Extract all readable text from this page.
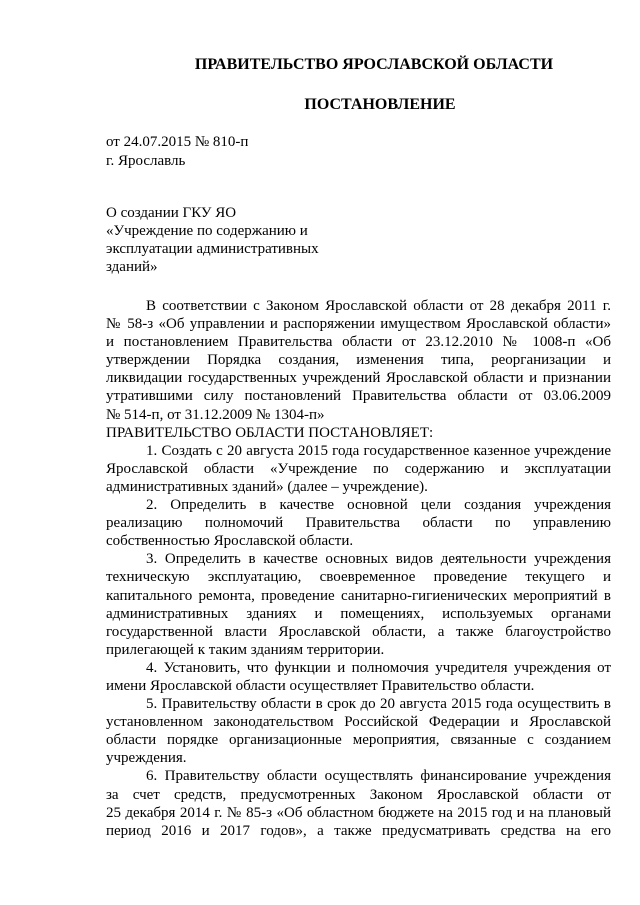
ПРАВИТЕЛЬСТВО ЯРОСЛАВСКОЙ ОБЛАСТИ
ПОСТАНОВЛЕНИЕ
от 24.07.2015 № 810-п
г. Ярославль
О создании ГКУ ЯО
«Учреждение по содержанию и
эксплуатации административных
зданий»
В соответствии с Законом Ярославской области от 28 декабря 2011 г.
№ 58-з «Об управлении и распоряжении имуществом Ярославской области»
и постановлением Правительства области от 23.12.2010 № 1008-п «Об
утверждении Порядка создания, изменения типа, реорганизации и
ликвидации государственных учреждений Ярославской области и признании
утратившими силу постановлений Правительства области от 03.06.2009
№ 514-п, от 31.12.2009 № 1304-п»
ПРАВИТЕЛЬСТВО ОБЛАСТИ ПОСТАНОВЛЯЕТ:
1. Создать с 20 августа 2015 года государственное казенное учреждение
Ярославской области «Учреждение по содержанию и эксплуатации
административных зданий» (далее – учреждение).
2. Определить в качестве основной цели создания учреждения
реализацию полномочий Правительства области по управлению
собственностью Ярославской области.
3. Определить в качестве основных видов деятельности учреждения
техническую эксплуатацию, своевременное проведение текущего и
капитального ремонта, проведение санитарно-гигиенических мероприятий в
административных зданиях и помещениях, используемых органами
государственной власти Ярославской области, а также благоустройство
прилегающей к таким зданиям территории.
4. Установить, что функции и полномочия учредителя учреждения от
имени Ярославской области осуществляет Правительство области.
5. Правительству области в срок до 20 августа 2015 года осуществить в
установленном законодательством Российской Федерации и Ярославской
области порядке организационные мероприятия, связанные с созданием
учреждения.
6. Правительству области осуществлять финансирование учреждения
за счет средств, предусмотренных Законом Ярославской области от
25 декабря 2014 г. № 85-з «Об областном бюджете на 2015 год и на плановый
период 2016 и 2017 годов», а также предусматривать средства на его
